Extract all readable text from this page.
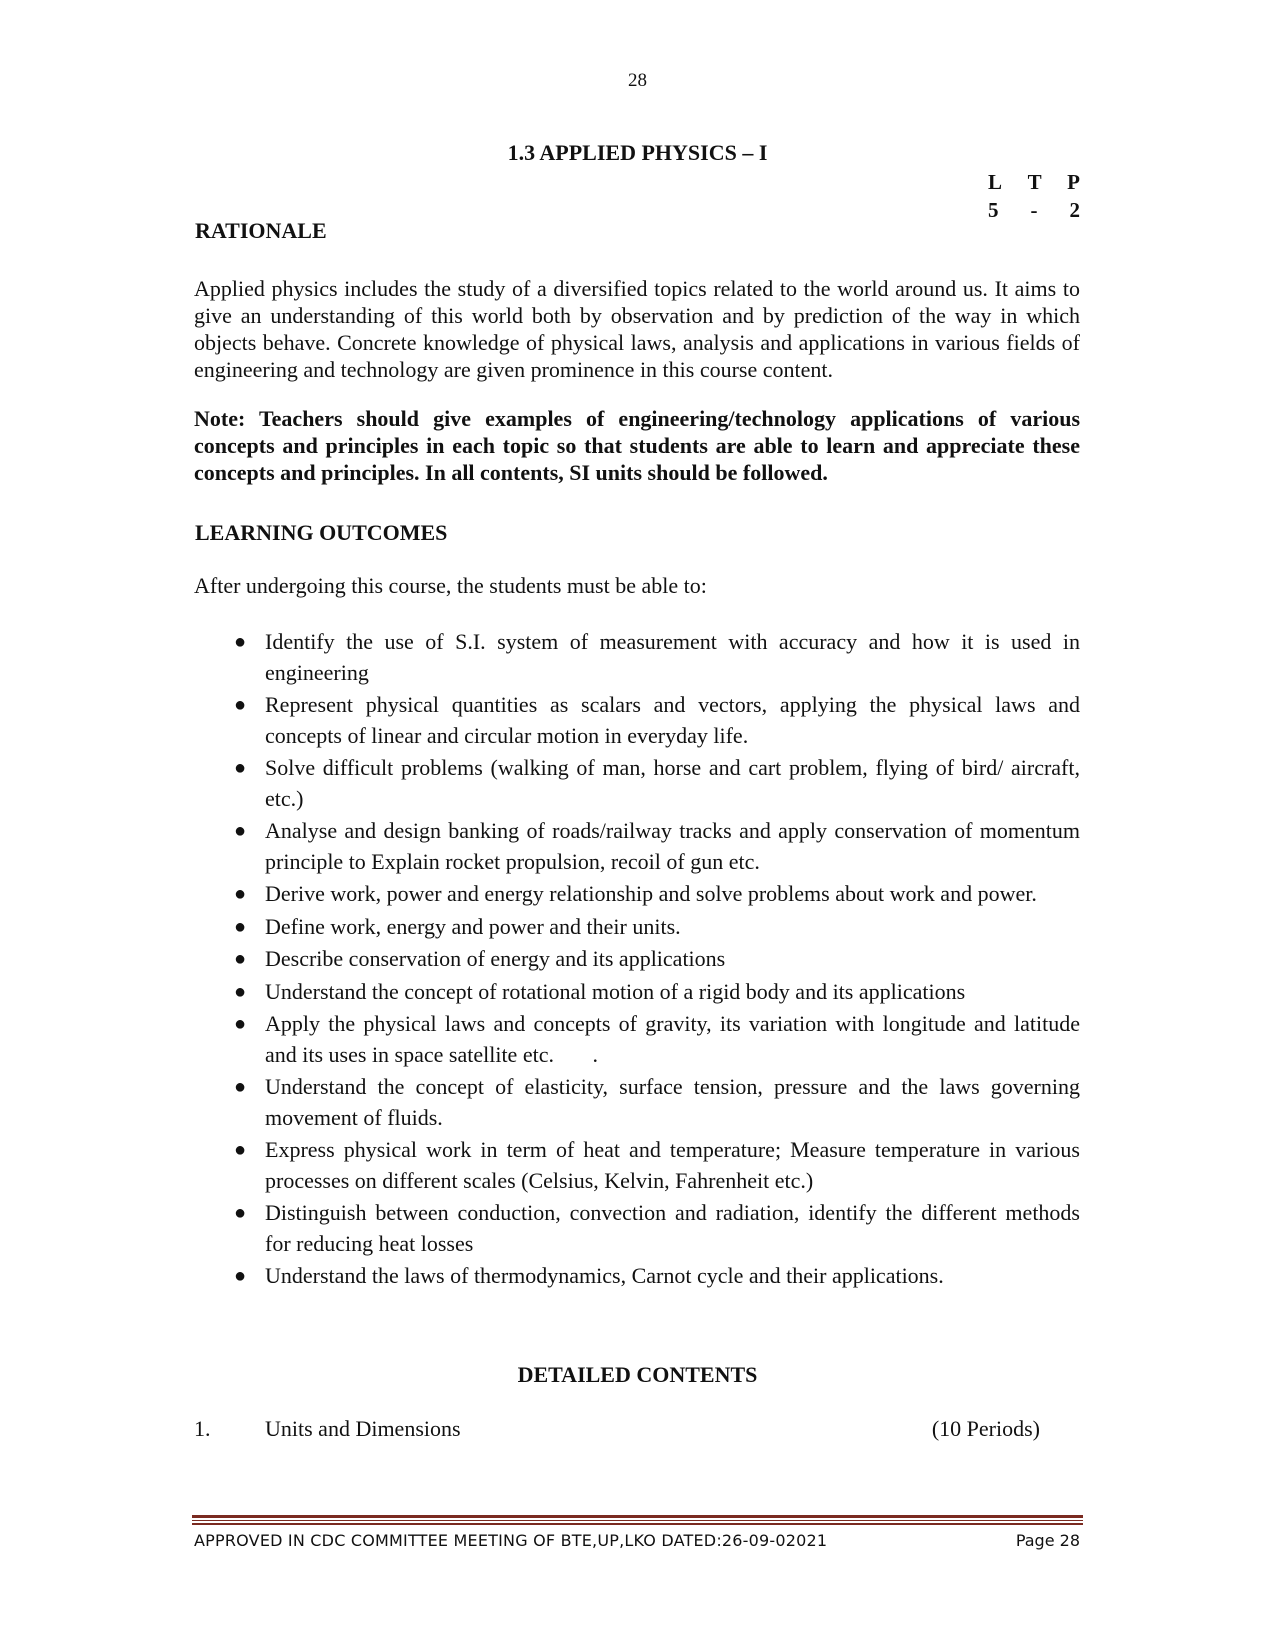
28
1.3 APPLIED PHYSICS – I
L T P
5 - 2
RATIONALE
Applied physics includes the study of a diversified topics related to the world around us. It aims to give an understanding of this world both by observation and by prediction of the way in which objects behave. Concrete knowledge of physical laws, analysis and applications in various fields of engineering and technology are given prominence in this course content.
Note: Teachers should give examples of engineering/technology applications of various concepts and principles in each topic so that students are able to learn and appreciate these concepts and principles. In all contents, SI units should be followed.
LEARNING OUTCOMES
After undergoing this course, the students must be able to:
● Identify the use of S.I. system of measurement with accuracy and how it is used in engineering
● Represent physical quantities as scalars and vectors, applying the physical laws and concepts of linear and circular motion in everyday life.
● Solve difficult problems (walking of man, horse and cart problem, flying of bird/ aircraft, etc.)
● Analyse and design banking of roads/railway tracks and apply conservation of momentum principle to Explain rocket propulsion, recoil of gun etc.
● Derive work, power and energy relationship and solve problems about work and power.
● Define work, energy and power and their units.
● Describe conservation of energy and its applications
● Understand the concept of rotational motion of a rigid body and its applications
● Apply the physical laws and concepts of gravity, its variation with longitude and latitude and its uses in space satellite etc.       .
● Understand the concept of elasticity, surface tension, pressure and the laws governing movement of fluids.
● Express physical work in term of heat and temperature; Measure temperature in various processes on different scales (Celsius, Kelvin, Fahrenheit etc.)
● Distinguish between conduction, convection and radiation, identify the different methods for reducing heat losses
● Understand the laws of thermodynamics, Carnot cycle and their applications.
DETAILED CONTENTS
1. Units and Dimensions	(10 Periods)
APPROVED IN CDC COMMITTEE MEETING OF BTE,UP,LKO DATED:26-09-02021	Page 28
